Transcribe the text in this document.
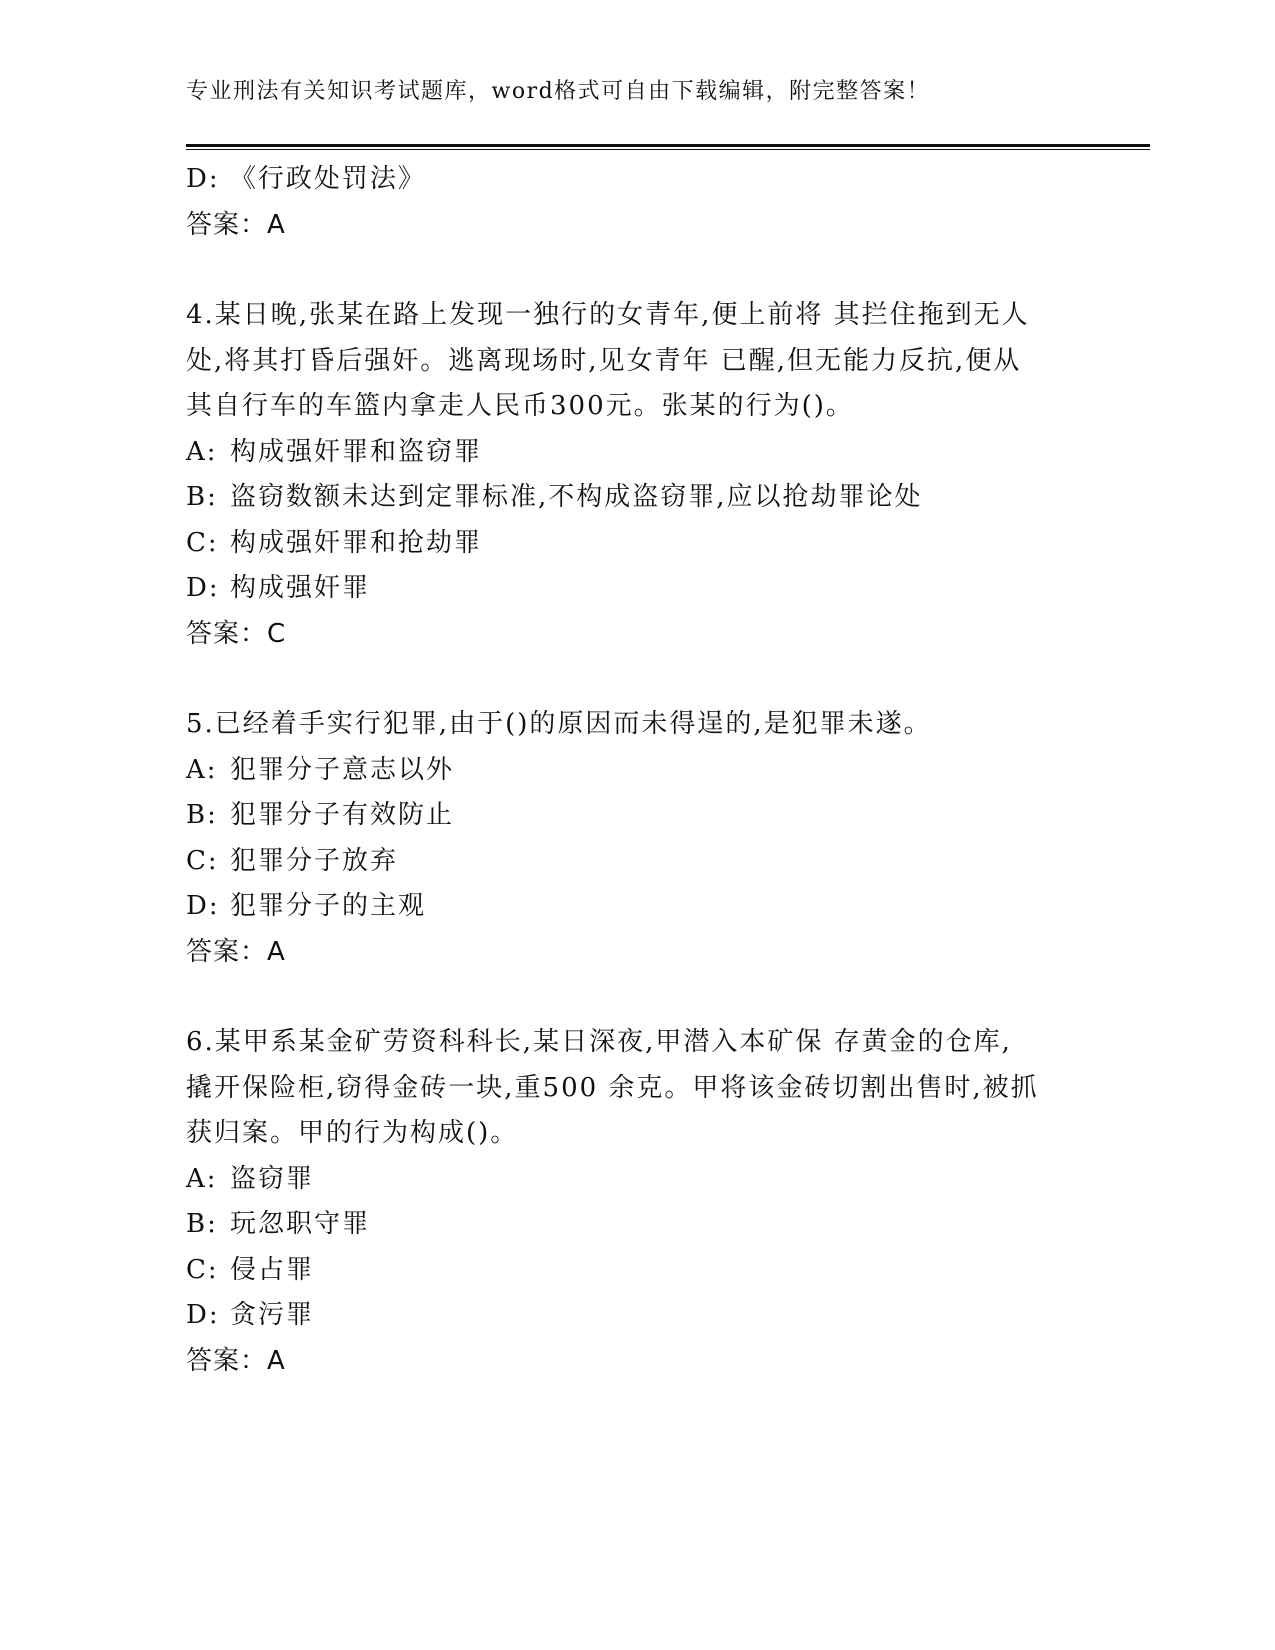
专业刑法有关知识考试题库，word格式可自由下载编辑，附完整答案！
D: 《行政处罚法》
答案：A
4.某日晚,张某在路上发现一独行的女青年,便上前将 其拦住拖到无人
处,将其打昏后强奸。逃离现场时,见女青年 已醒,但无能力反抗,便从
其自行车的车篮内拿走人民币300元。张某的行为()。
A: 构成强奸罪和盗窃罪
B: 盗窃数额未达到定罪标准,不构成盗窃罪,应以抢劫罪论处
C: 构成强奸罪和抢劫罪
D: 构成强奸罪
答案：C
5.已经着手实行犯罪,由于()的原因而未得逞的,是犯罪未遂。
A: 犯罪分子意志以外
B: 犯罪分子有效防止
C: 犯罪分子放弃
D: 犯罪分子的主观
答案：A
6.某甲系某金矿劳资科科长,某日深夜,甲潜入本矿保 存黄金的仓库,
撬开保险柜,窃得金砖一块,重500 余克。甲将该金砖切割出售时,被抓
获归案。甲的行为构成()。
A: 盗窃罪
B: 玩忽职守罪
C: 侵占罪
D: 贪污罪
答案：A
